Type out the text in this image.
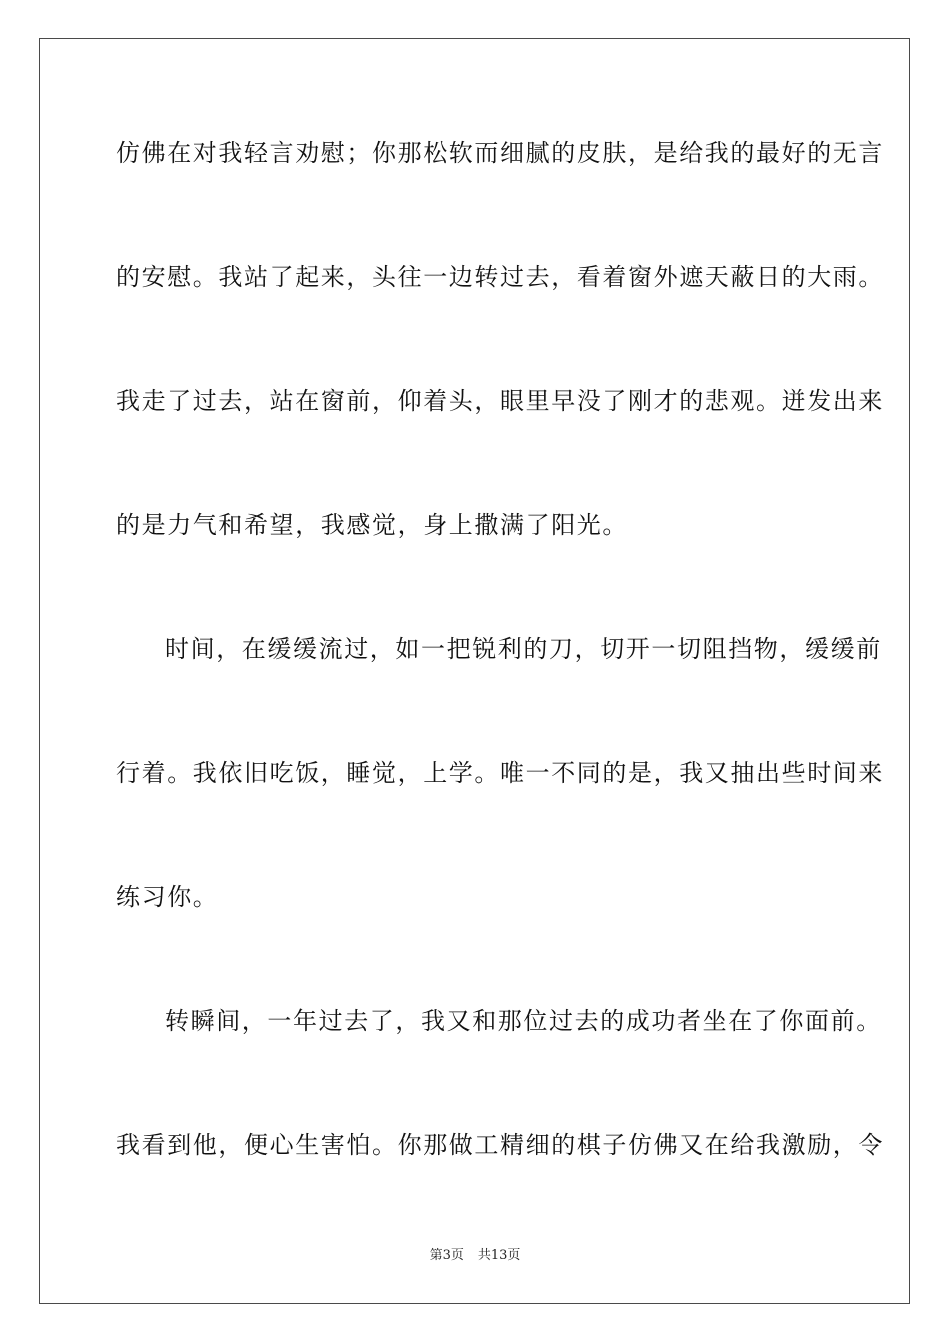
仿佛在对我轻言劝慰；你那松软而细腻的皮肤，是给我的最好的无言
的安慰。我站了起来，头往一边转过去，看着窗外遮天蔽日的大雨。
我走了过去，站在窗前，仰着头，眼里早没了刚才的悲观。迸发出来
的是力气和希望，我感觉，身上撒满了阳光。
时间，在缓缓流过，如一把锐利的刀，切开一切阻挡物，缓缓前
行着。我依旧吃饭，睡觉，上学。唯一不同的是，我又抽出些时间来
练习你。
转瞬间，一年过去了，我又和那位过去的成功者坐在了你面前。
我看到他，便心生害怕。你那做工精细的棋子仿佛又在给我激励，令
第3页 共13页
